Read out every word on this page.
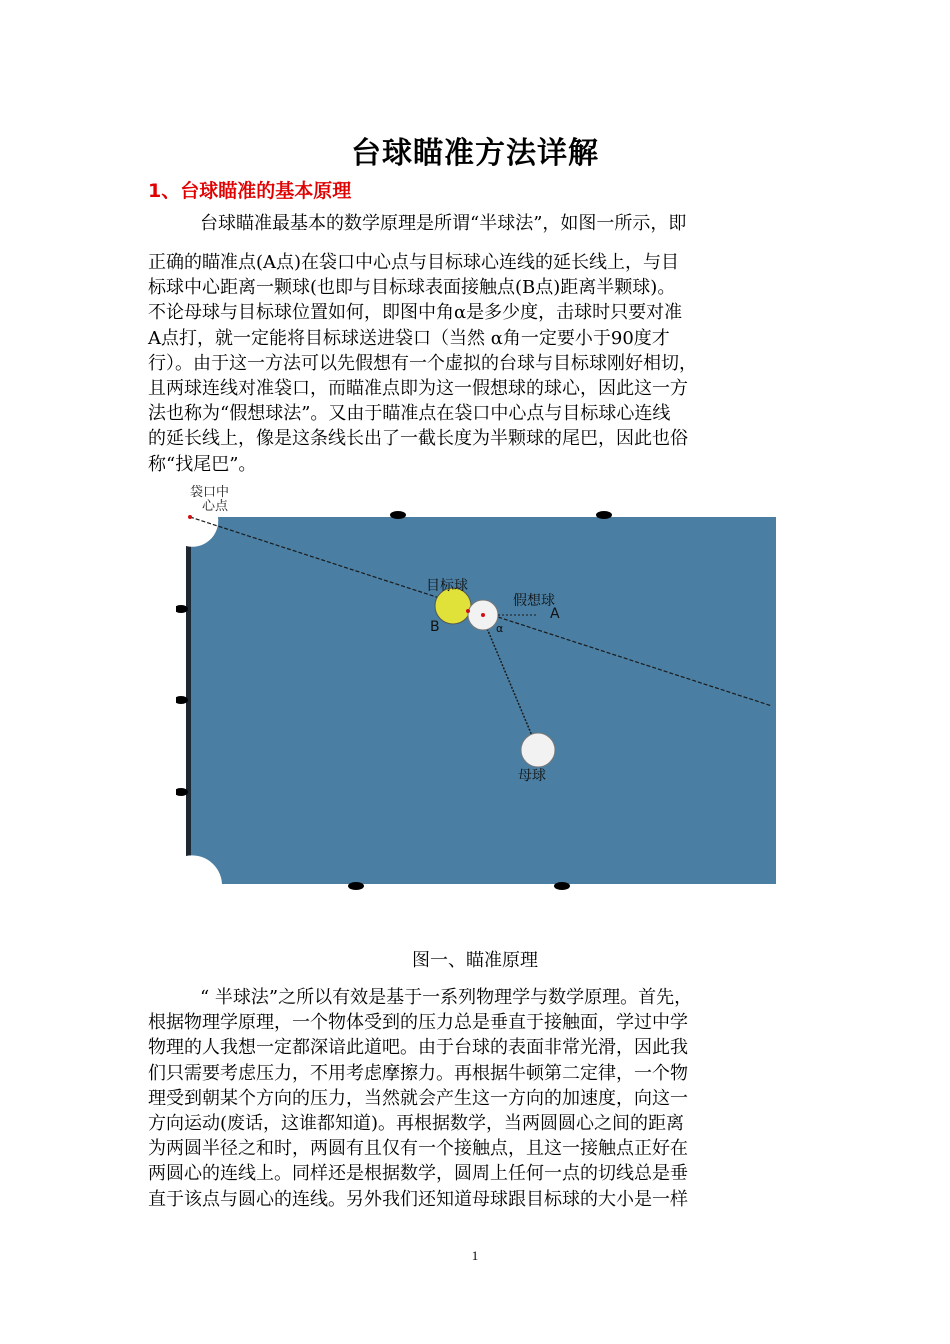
台球瞄准方法详解
1、台球瞄准的基本原理

台球瞄准最基本的数学原理是所谓“半球法”，如图一所示，即

正确的瞄准点(A点)在袋口中心点与目标球心连线的延长线上，与目
标球中心距离一颗球(也即与目标球表面接触点(B点)距离半颗球)。
不论母球与目标球位置如何，即图中角α是多少度，击球时只要对准
A点打，就一定能将目标球送进袋口（当然 α角一定要小于90度才
行）。由于这一方法可以先假想有一个虚拟的台球与目标球刚好相切，
且两球连线对准袋口，而瞄准点即为这一假想球的球心，因此这一方
法也称为“假想球法”。又由于瞄准点在袋口中心点与目标球心连线
的延长线上，像是这条线长出了一截长度为半颗球的尾巴，因此也俗
称“找尾巴”。

袋口中
心点
目标球
假想球
A
B	α
母球

图一、瞄准原理

“ 半球法”之所以有效是基于一系列物理学与数学原理。首先，
根据物理学原理，一个物体受到的压力总是垂直于接触面，学过中学
物理的人我想一定都深谙此道吧。由于台球的表面非常光滑，因此我
们只需要考虑压力，不用考虑摩擦力。再根据牛顿第二定律，一个物
理受到朝某个方向的压力，当然就会产生这一方向的加速度，向这一
方向运动(废话，这谁都知道)。再根据数学，当两圆圆心之间的距离
为两圆半径之和时，两圆有且仅有一个接触点，且这一接触点正好在
两圆心的连线上。同样还是根据数学，圆周上任何一点的切线总是垂
直于该点与圆心的连线。另外我们还知道母球跟目标球的大小是一样

1
